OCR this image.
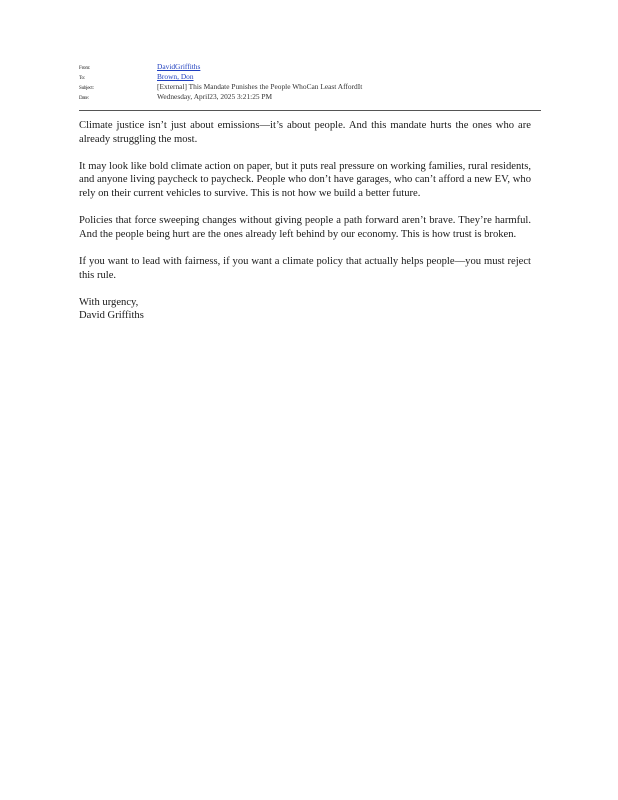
From:	DavidGriffiths
To:	Brown, Don
Subject:	[External] This Mandate Punishes the People WhoCan Least AffordIt
Date:	Wednesday, April23, 2025 3:21:25 PM

Climate justice isn’t just about emissions—it’s about people. And this mandate hurts the ones who are already struggling the most.

It may look like bold climate action on paper, but it puts real pressure on working families, rural residents, and anyone living paycheck to paycheck. People who don’t have garages, who can’t afford a new EV, who rely on their current vehicles to survive. This is not how we build a better future.

Policies that force sweeping changes without giving people a path forward aren’t brave. They’re harmful. And the people being hurt are the ones already left behind by our economy. This is how trust is broken.

If you want to lead with fairness, if you want a climate policy that actually helps people—you must reject this rule.

With urgency,

David Griffiths
